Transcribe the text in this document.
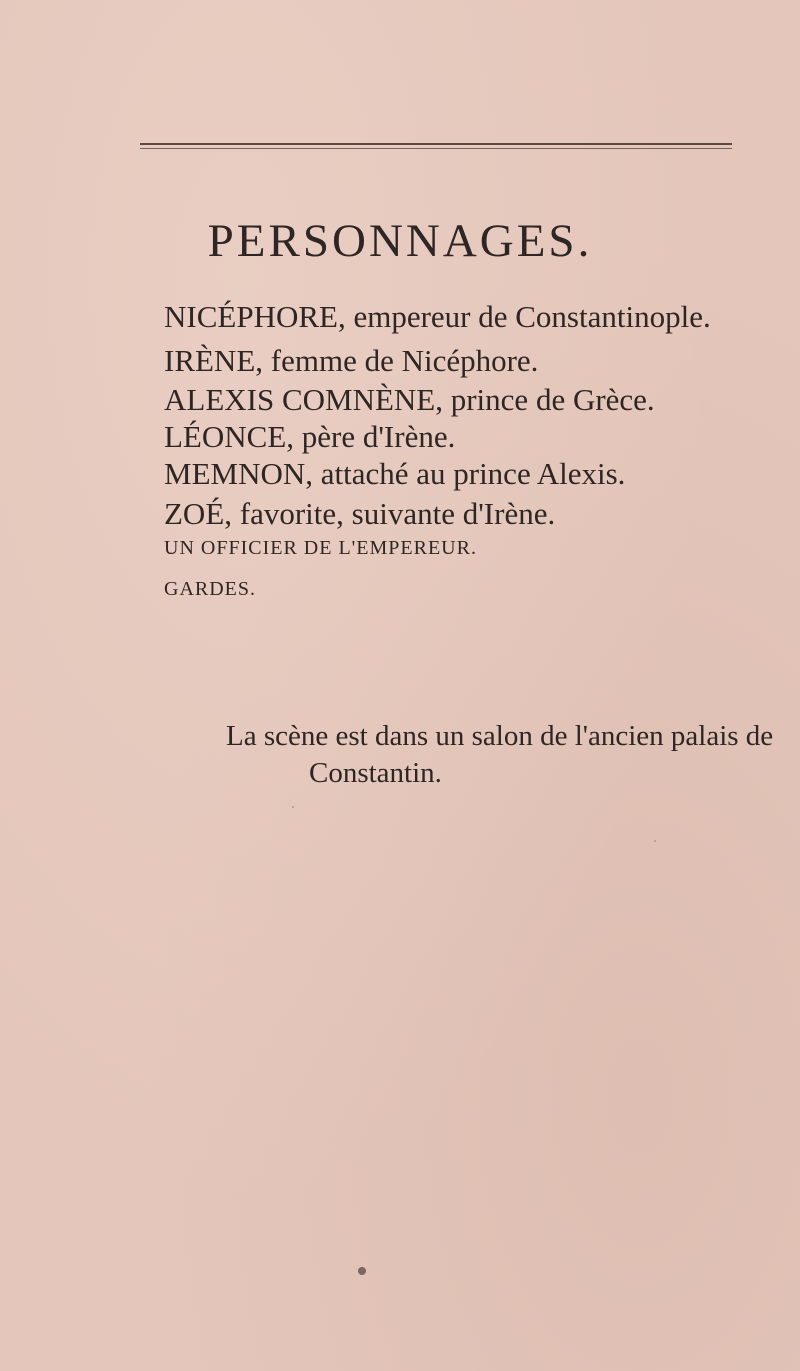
PERSONNAGES.
NICÉPHORE, empereur de Constantinople.
IRÈNE, femme de Nicéphore.
ALEXIS COMNÈNE, prince de Grèce.
LÉONCE, père d'Irène.
MEMNON, attaché au prince Alexis.
ZOÉ, favorite, suivante d'Irène.
UN OFFICIER DE L'EMPEREUR.
GARDES.
La scène est dans un salon de l'ancien palais de
Constantin.
